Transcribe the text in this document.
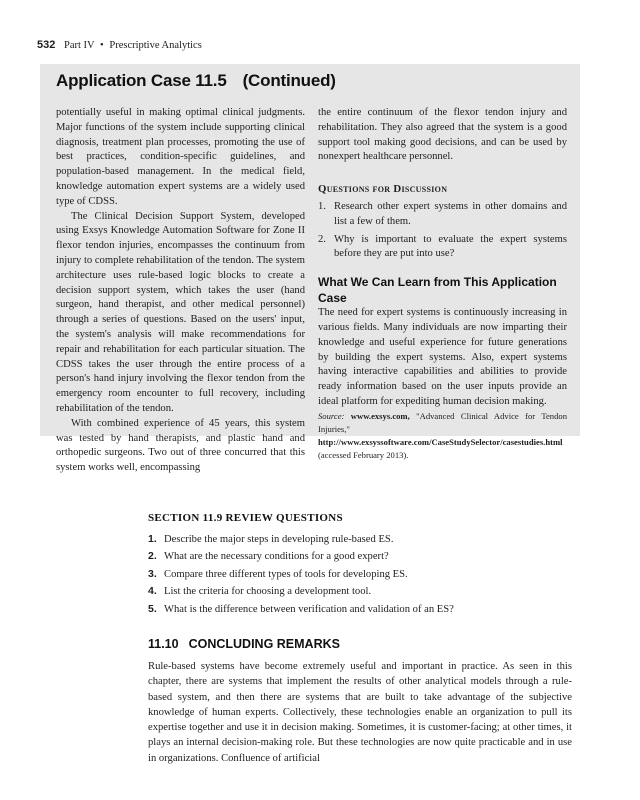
532 Part IV • Prescriptive Analytics
Application Case 11.5 (Continued)

potentially useful in making optimal clinical judgments. Major functions of the system include supporting clinical diagnosis, treatment plan processes, promoting the use of best practices, condition-specific guidelines, and population-based management. In the medical field, knowledge automation expert systems are a widely used type of CDSS.

The Clinical Decision Support System, developed using Exsys Knowledge Automation Software for Zone II flexor tendon injuries, encompasses the continuum from injury to complete rehabilitation of the tendon. The system architecture uses rule-based logic blocks to create a decision support system, which takes the user (hand surgeon, hand therapist, and other medical personnel) through a series of questions. Based on the users' input, the system's analysis will make recommendations for repair and rehabilitation for each particular situation. The CDSS takes the user through the entire process of a person's hand injury involving the flexor tendon from the emergency room encounter to full recovery, including rehabilitation of the tendon.

With combined experience of 45 years, this system was tested by hand therapists, and plastic hand and orthopedic surgeons. Two out of three concurred that this system works well, encompassing

the entire continuum of the flexor tendon injury and rehabilitation. They also agreed that the system is a good support tool making good decisions, and can be used by nonexpert healthcare personnel.

Questions for Discussion
1. Research other expert systems in other domains and list a few of them.
2. Why is important to evaluate the expert systems before they are put into use?
What We Can Learn from This Application Case

The need for expert systems is continuously increasing in various fields. Many individuals are now imparting their knowledge and useful experience for future generations by building the expert systems. Also, expert systems having interactive capabilities and abilities to provide ready information based on the user inputs provide an ideal platform for expediting human decision making.

Source: www.exsys.com, "Advanced Clinical Advice for Tendon Injuries," http://www.exsyssoftware.com/CaseStudySelector/casestudies.html (accessed February 2013).

SECTION 11.9 REVIEW QUESTIONS
1. Describe the major steps in developing rule-based ES.
2. What are the necessary conditions for a good expert?
3. Compare three different types of tools for developing ES.
4. List the criteria for choosing a development tool.
5. What is the difference between verification and validation of an ES?
11.10 CONCLUDING REMARKS

Rule-based systems have become extremely useful and important in practice. As seen in this chapter, there are systems that implement the results of other analytical models through a rule-based system, and then there are systems that are built to take advantage of the subjective knowledge of human experts. Collectively, these technologies enable an organization to pull its expertise together and use it in decision making. Sometimes, it is customer-facing; at other times, it plays an internal decision-making role. But these technologies are now quite practicable and in use in organizations. Confluence of artificial
